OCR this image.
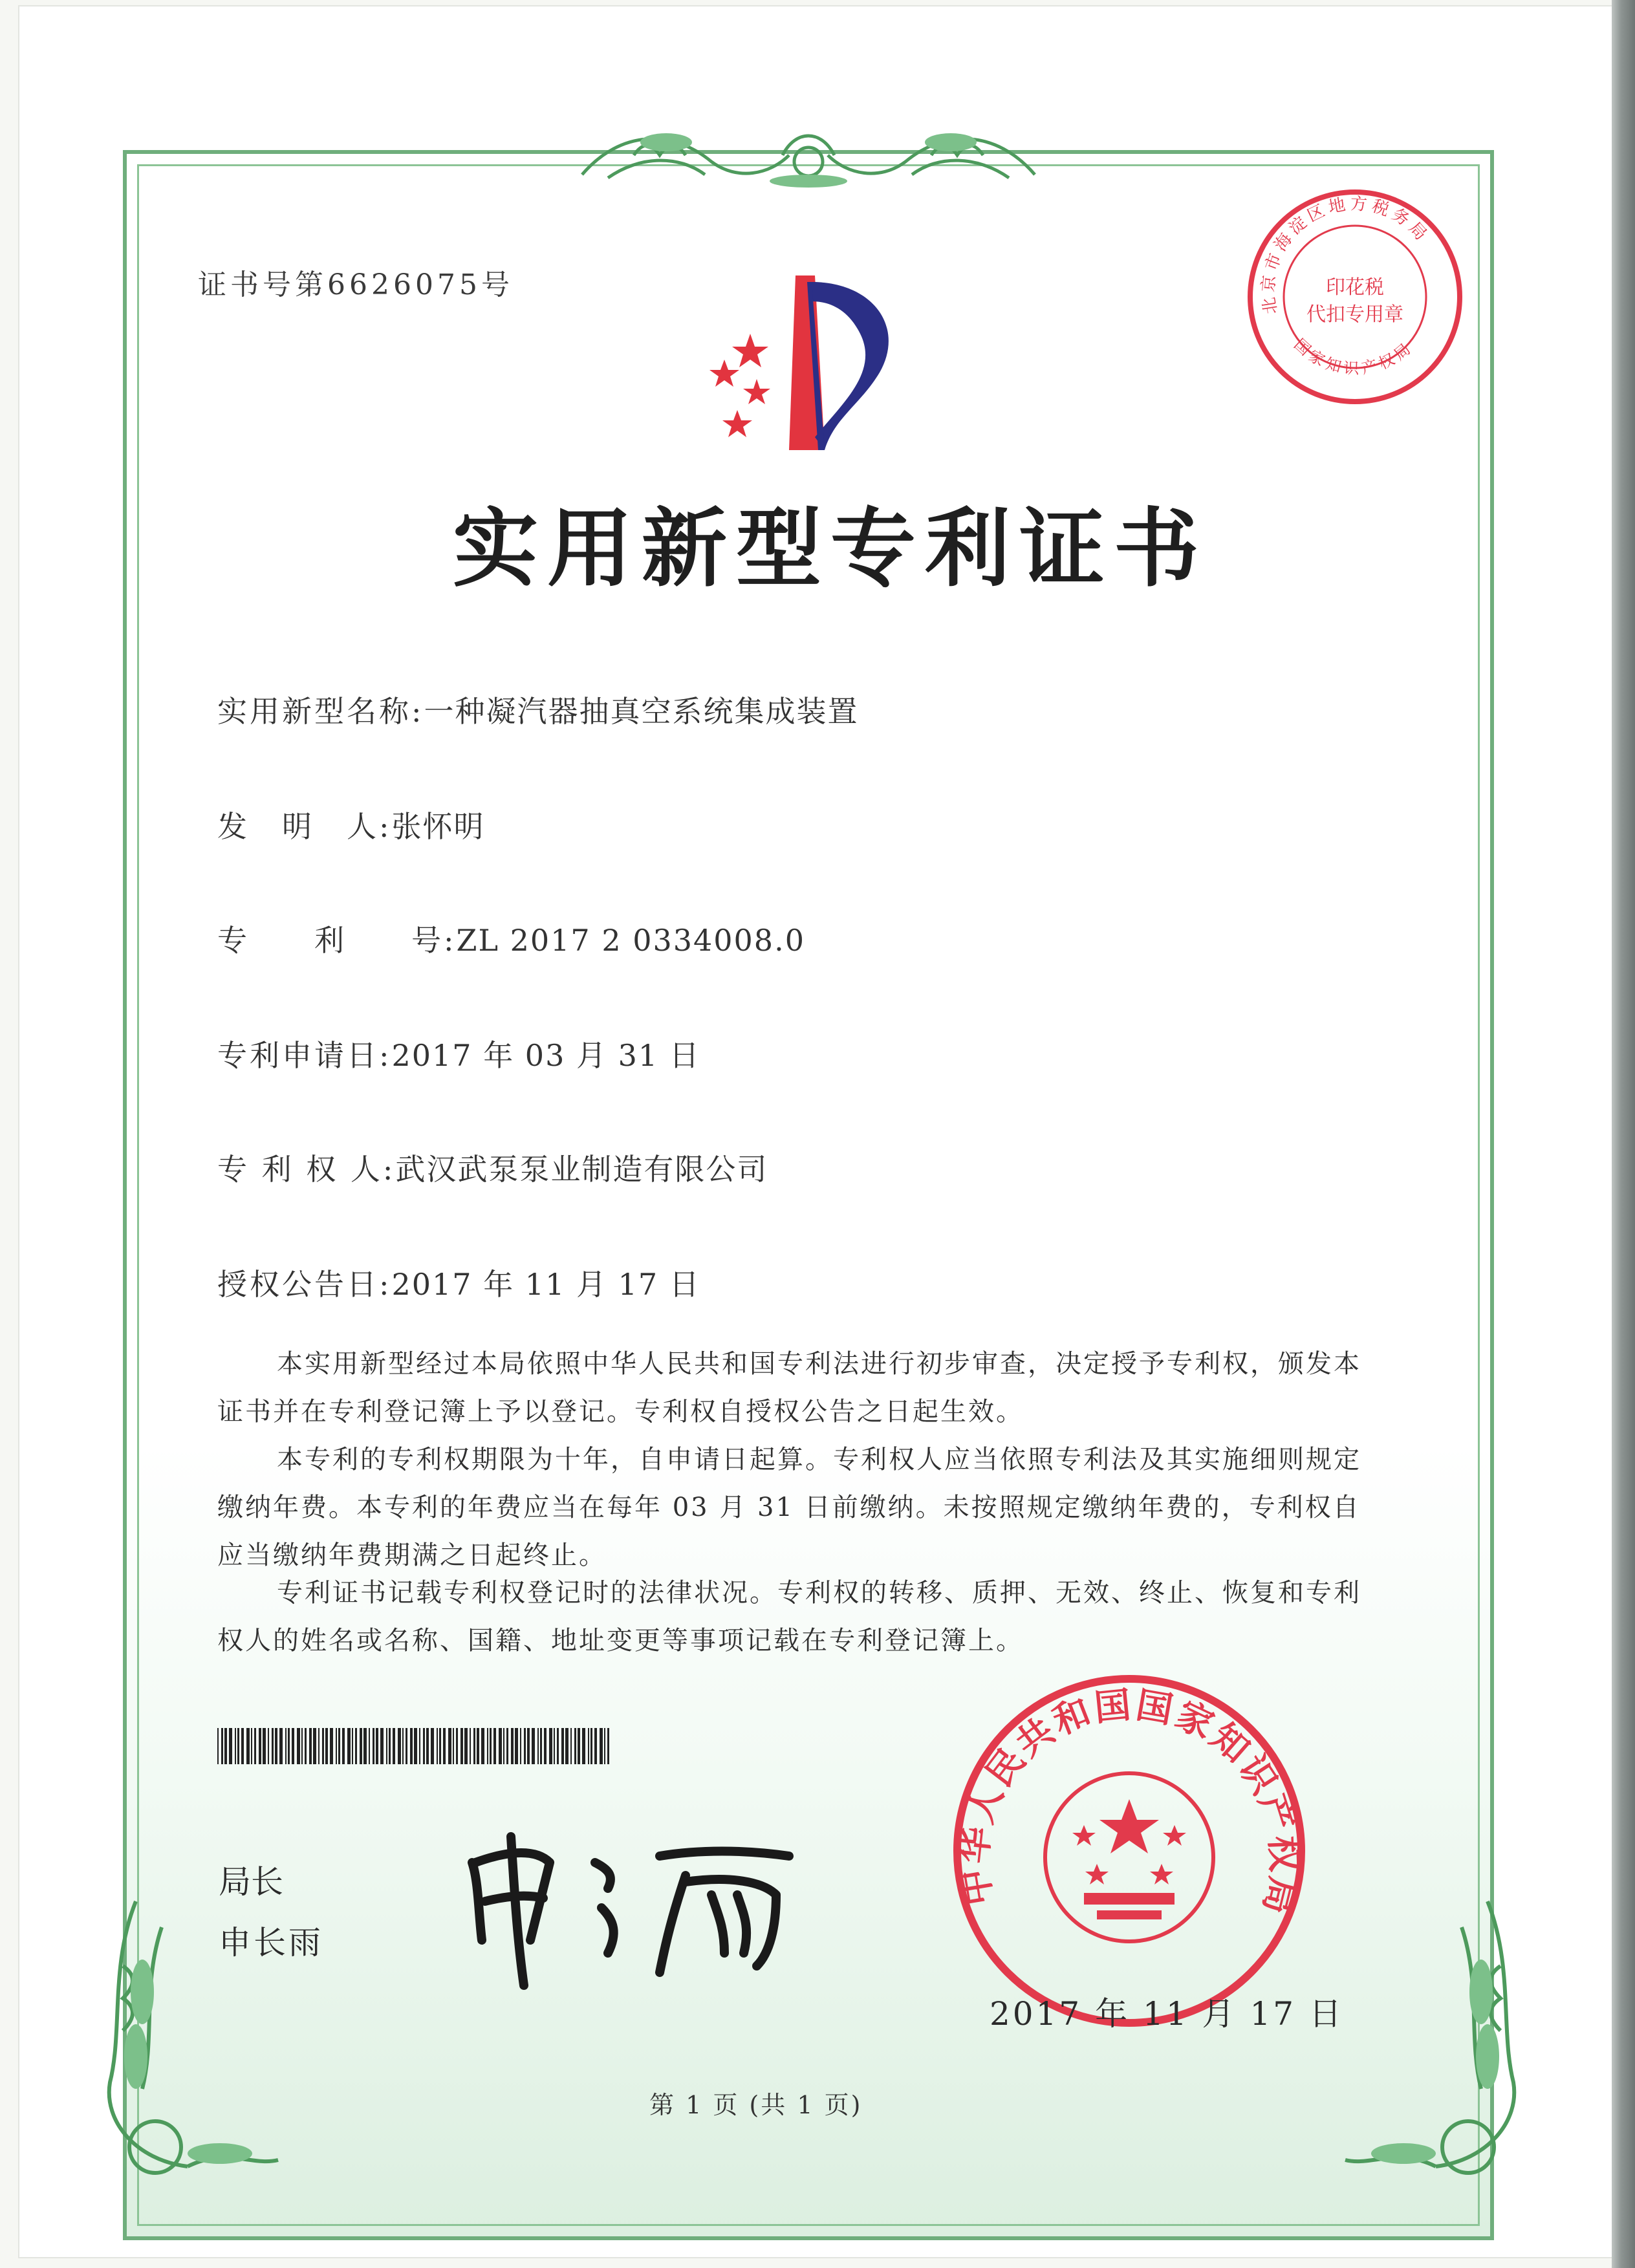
证书号第6626075号
北京市海淀区地方税务局
印花税
代扣专用章
国家知识产权局
实用新型专利证书
实用新型名称:一种凝汽器抽真空系统集成装置
发　明　人:张怀明
专　　利　　号:ZL 2017 2 0334008.0
专利申请日:2017 年 03 月 31 日
专 利 权 人:武汉武泵泵业制造有限公司
授权公告日:2017 年 11 月 17 日
本实用新型经过本局依照中华人民共和国专利法进行初步审查，决定授予专利权，颁发本证书并在专利登记簿上予以登记。专利权自授权公告之日起生效。
本专利的专利权期限为十年，自申请日起算。专利权人应当依照专利法及其实施细则规定缴纳年费。本专利的年费应当在每年 03 月 31 日前缴纳。未按照规定缴纳年费的，专利权自应当缴纳年费期满之日起终止。
专利证书记载专利权登记时的法律状况。专利权的转移、质押、无效、终止、恢复和专利权人的姓名或名称、国籍、地址变更等事项记载在专利登记簿上。
局长
申长雨
中华人民共和国国家知识产权局
2017 年 11 月 17 日
第 1 页 (共 1 页)
